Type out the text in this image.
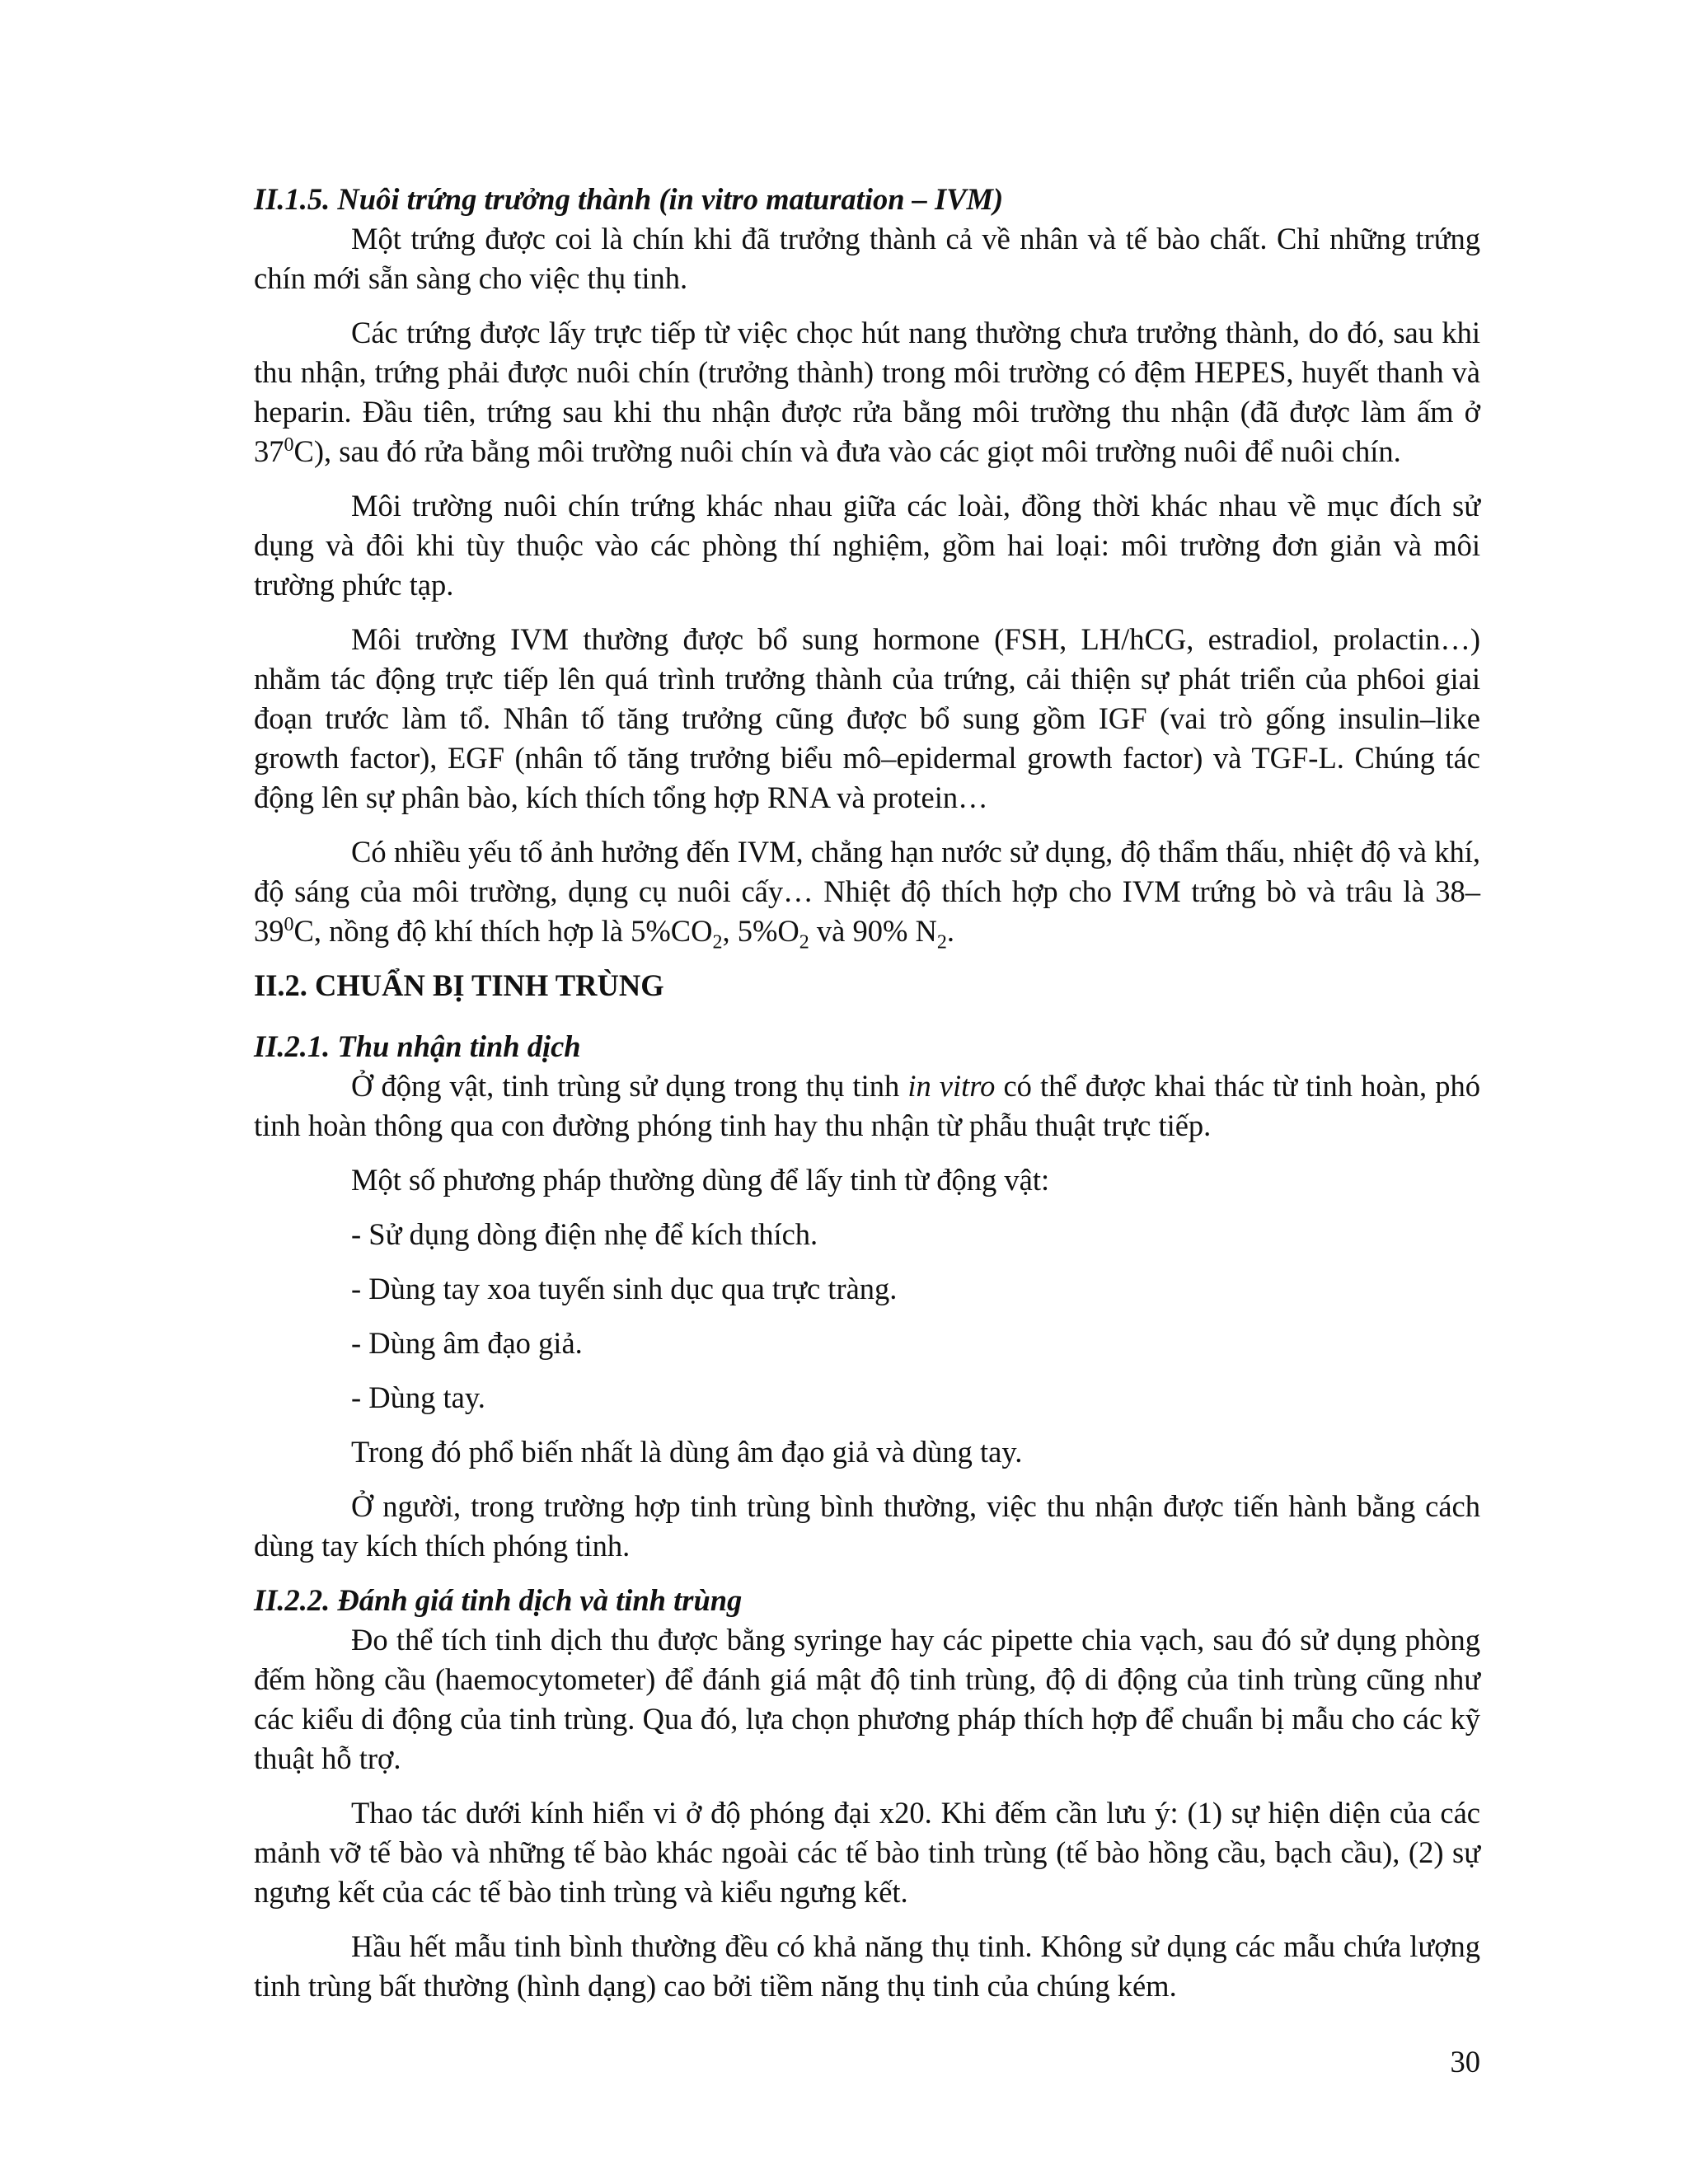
II.1.5. Nuôi trứng trưởng thành (in vitro maturation – IVM)

Một trứng được coi là chín khi đã trưởng thành cả về nhân và tế bào chất. Chỉ những trứng chín mới sẵn sàng cho việc thụ tinh.

Các trứng được lấy trực tiếp từ việc chọc hút nang thường chưa trưởng thành, do đó, sau khi thu nhận, trứng phải được nuôi chín (trưởng thành) trong môi trường có đệm HEPES, huyết thanh và heparin. Đầu tiên, trứng sau khi thu nhận được rửa bằng môi trường thu nhận (đã được làm ấm ở $37^0C$), sau đó rửa bằng môi trường nuôi chín và đưa vào các giọt môi trường nuôi để nuôi chín.

Môi trường nuôi chín trứng khác nhau giữa các loài, đồng thời khác nhau về mục đích sử dụng và đôi khi tùy thuộc vào các phòng thí nghiệm, gồm hai loại: môi trường đơn giản và môi trường phức tạp.

Môi trường IVM thường được bổ sung hormone (FSH, LH/hCG, estradiol, prolactin…) nhằm tác động trực tiếp lên quá trình trưởng thành của trứng, cải thiện sự phát triển của ph6oi giai đoạn trước làm tổ. Nhân tố tăng trưởng cũng được bổ sung gồm IGF (vai trò gống insulin–like growth factor), EGF (nhân tố tăng trưởng biểu mô–epidermal growth factor) và TGF-L. Chúng tác động lên sự phân bào, kích thích tổng hợp RNA và protein…

Có nhiều yếu tố ảnh hưởng đến IVM, chẳng hạn nước sử dụng, độ thẩm thấu, nhiệt độ và khí, độ sáng của môi trường, dụng cụ nuôi cấy… Nhiệt độ thích hợp cho IVM trứng bò và trâu là $38-39^0C$, nồng độ khí thích hợp là $5\%CO_2$, $5\%O_2$ và 90% $N_2$.

II.2. CHUẨN BỊ TINH TRÙNG
II.2.1. Thu nhận tinh dịch

Ở động vật, tinh trùng sử dụng trong thụ tinh in vitro có thể được khai thác từ tinh hoàn, phó tinh hoàn thông qua con đường phóng tinh hay thu nhận từ phẫu thuật trực tiếp.

Một số phương pháp thường dùng để lấy tinh từ động vật:

- Sử dụng dòng điện nhẹ để kích thích.

- Dùng tay xoa tuyến sinh dục qua trực tràng.

- Dùng âm đạo giả.

- Dùng tay.

Trong đó phổ biến nhất là dùng âm đạo giả và dùng tay.

Ở người, trong trường hợp tinh trùng bình thường, việc thu nhận được tiến hành bằng cách dùng tay kích thích phóng tinh.

II.2.2. Đánh giá tinh dịch và tinh trùng

Đo thể tích tinh dịch thu được bằng syringe hay các pipette chia vạch, sau đó sử dụng phòng đếm hồng cầu (haemocytometer) để đánh giá mật độ tinh trùng, độ di động của tinh trùng cũng như các kiểu di động của tinh trùng. Qua đó, lựa chọn phương pháp thích hợp để chuẩn bị mẫu cho các kỹ thuật hỗ trợ.

Thao tác dưới kính hiển vi ở độ phóng đại x20. Khi đếm cần lưu ý: (1) sự hiện diện của các mảnh vỡ tế bào và những tế bào khác ngoài các tế bào tinh trùng (tế bào hồng cầu, bạch cầu), (2) sự ngưng kết của các tế bào tinh trùng và kiểu ngưng kết.

Hầu hết mẫu tinh bình thường đều có khả năng thụ tinh. Không sử dụng các mẫu chứa lượng tinh trùng bất thường (hình dạng) cao bởi tiềm năng thụ tinh của chúng kém.

30
